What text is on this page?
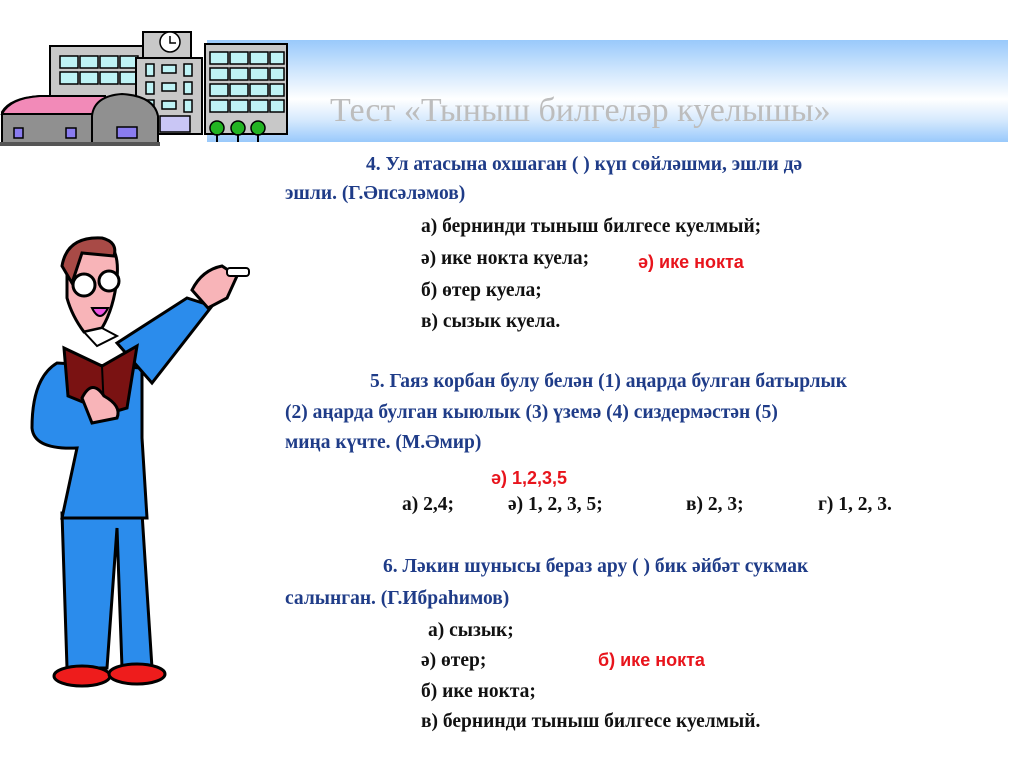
Тест «Тыныш билгеләр куелышы»
4. Ул атасына охшаган ( ) күп сөйләшми, эшли дә
эшли. (Г.Әпсәләмов)
а) бернинди тыныш билгесе куелмый;
ә) ике нокта куела;
б) өтер куела;
в) сызык куела.
ә) ике нокта
5. Гаяз корбан булу белән (1) аңарда булган батырлык
(2) аңарда булган кыюлык (3) үземә (4) сиздермәстән (5)
миңа күчте. (М.Әмир)
ә) 1,2,3,5
а) 2,4;	ә) 1, 2, 3, 5;	в) 2, 3;	г) 1, 2, 3.
6. Ләкин шунысы бераз ару ( ) бик әйбәт сукмак
салынган. (Г.Ибраһимов)
а) сызык;
ә) өтер;
б) ике нокта;
в) бернинди тыныш билгесе куелмый.
б) ике нокта
